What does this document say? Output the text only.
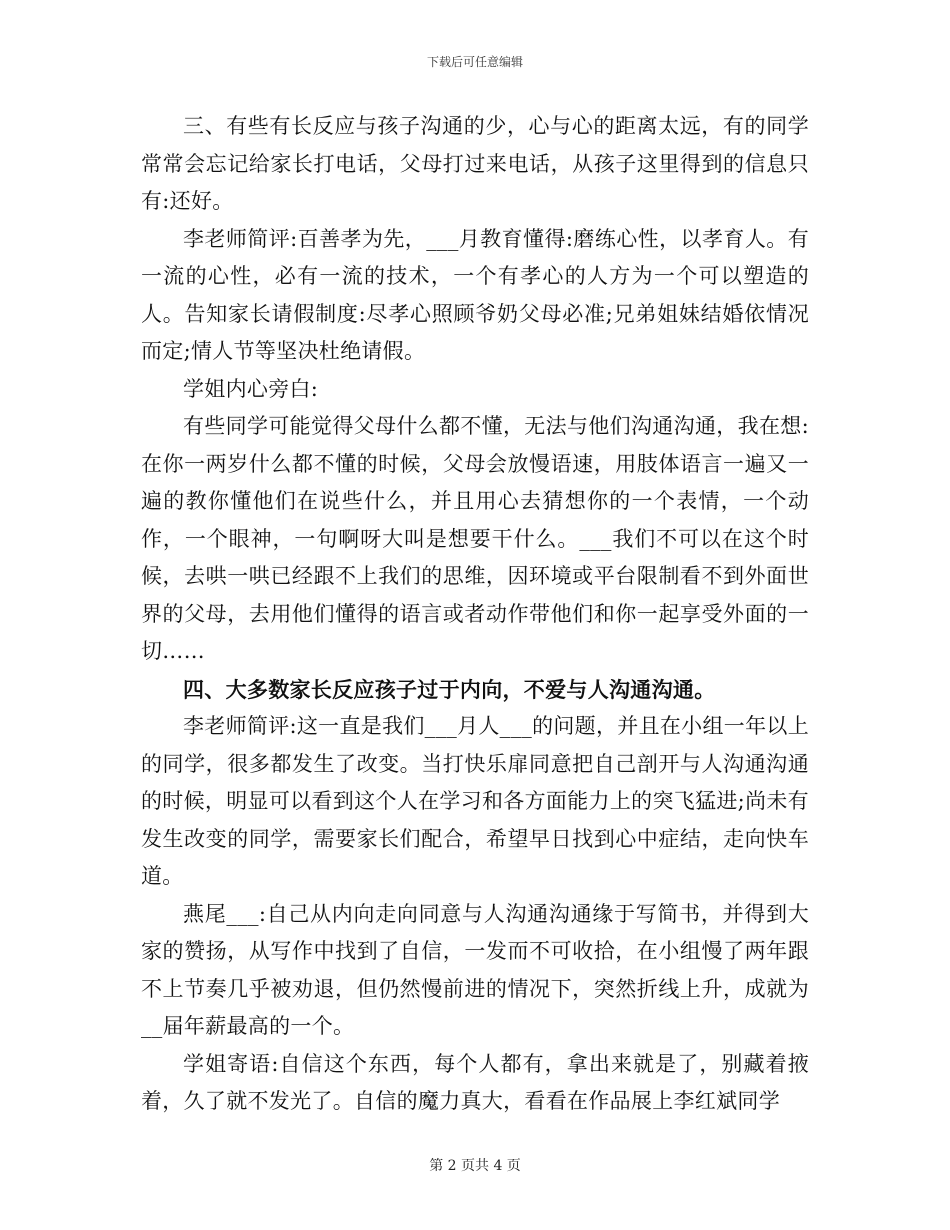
下载后可任意编辑

三、有些有长反应与孩子沟通的少，心与心的距离太远，有的同学常常会忘记给家长打电话，父母打过来电话，从孩子这里得到的信息只有:还好。

李老师简评:百善孝为先，___月教育懂得:磨练心性，以孝育人。有一流的心性，必有一流的技术，一个有孝心的人方为一个可以塑造的人。告知家长请假制度:尽孝心照顾爷奶父母必准;兄弟姐妹结婚依情况而定;情人节等坚决杜绝请假。

学姐内心旁白:

有些同学可能觉得父母什么都不懂，无法与他们沟通沟通，我在想:在你一两岁什么都不懂的时候，父母会放慢语速，用肢体语言一遍又一遍的教你懂他们在说些什么，并且用心去猜想你的一个表情，一个动作，一个眼神，一句啊呀大叫是想要干什么。___我们不可以在这个时候，去哄一哄已经跟不上我们的思维，因环境或平台限制看不到外面世界的父母，去用他们懂得的语言或者动作带他们和你一起享受外面的一切……

四、大多数家长反应孩子过于内向，不爱与人沟通沟通。

李老师简评:这一直是我们___月人___的问题，并且在小组一年以上的同学，很多都发生了改变。当打快乐扉同意把自己剖开与人沟通沟通的时候，明显可以看到这个人在学习和各方面能力上的突飞猛进;尚未有发生改变的同学，需要家长们配合，希望早日找到心中症结，走向快车道。

燕尾___:自己从内向走向同意与人沟通沟通缘于写简书，并得到大家的赞扬，从写作中找到了自信，一发而不可收拾，在小组慢了两年跟不上节奏几乎被劝退，但仍然慢前进的情况下，突然折线上升，成就为__届年薪最高的一个。

学姐寄语:自信这个东西，每个人都有，拿出来就是了，别藏着掖着，久了就不发光了。自信的魔力真大，看看在作品展上李红斌同学

第 2 页共 4 页
